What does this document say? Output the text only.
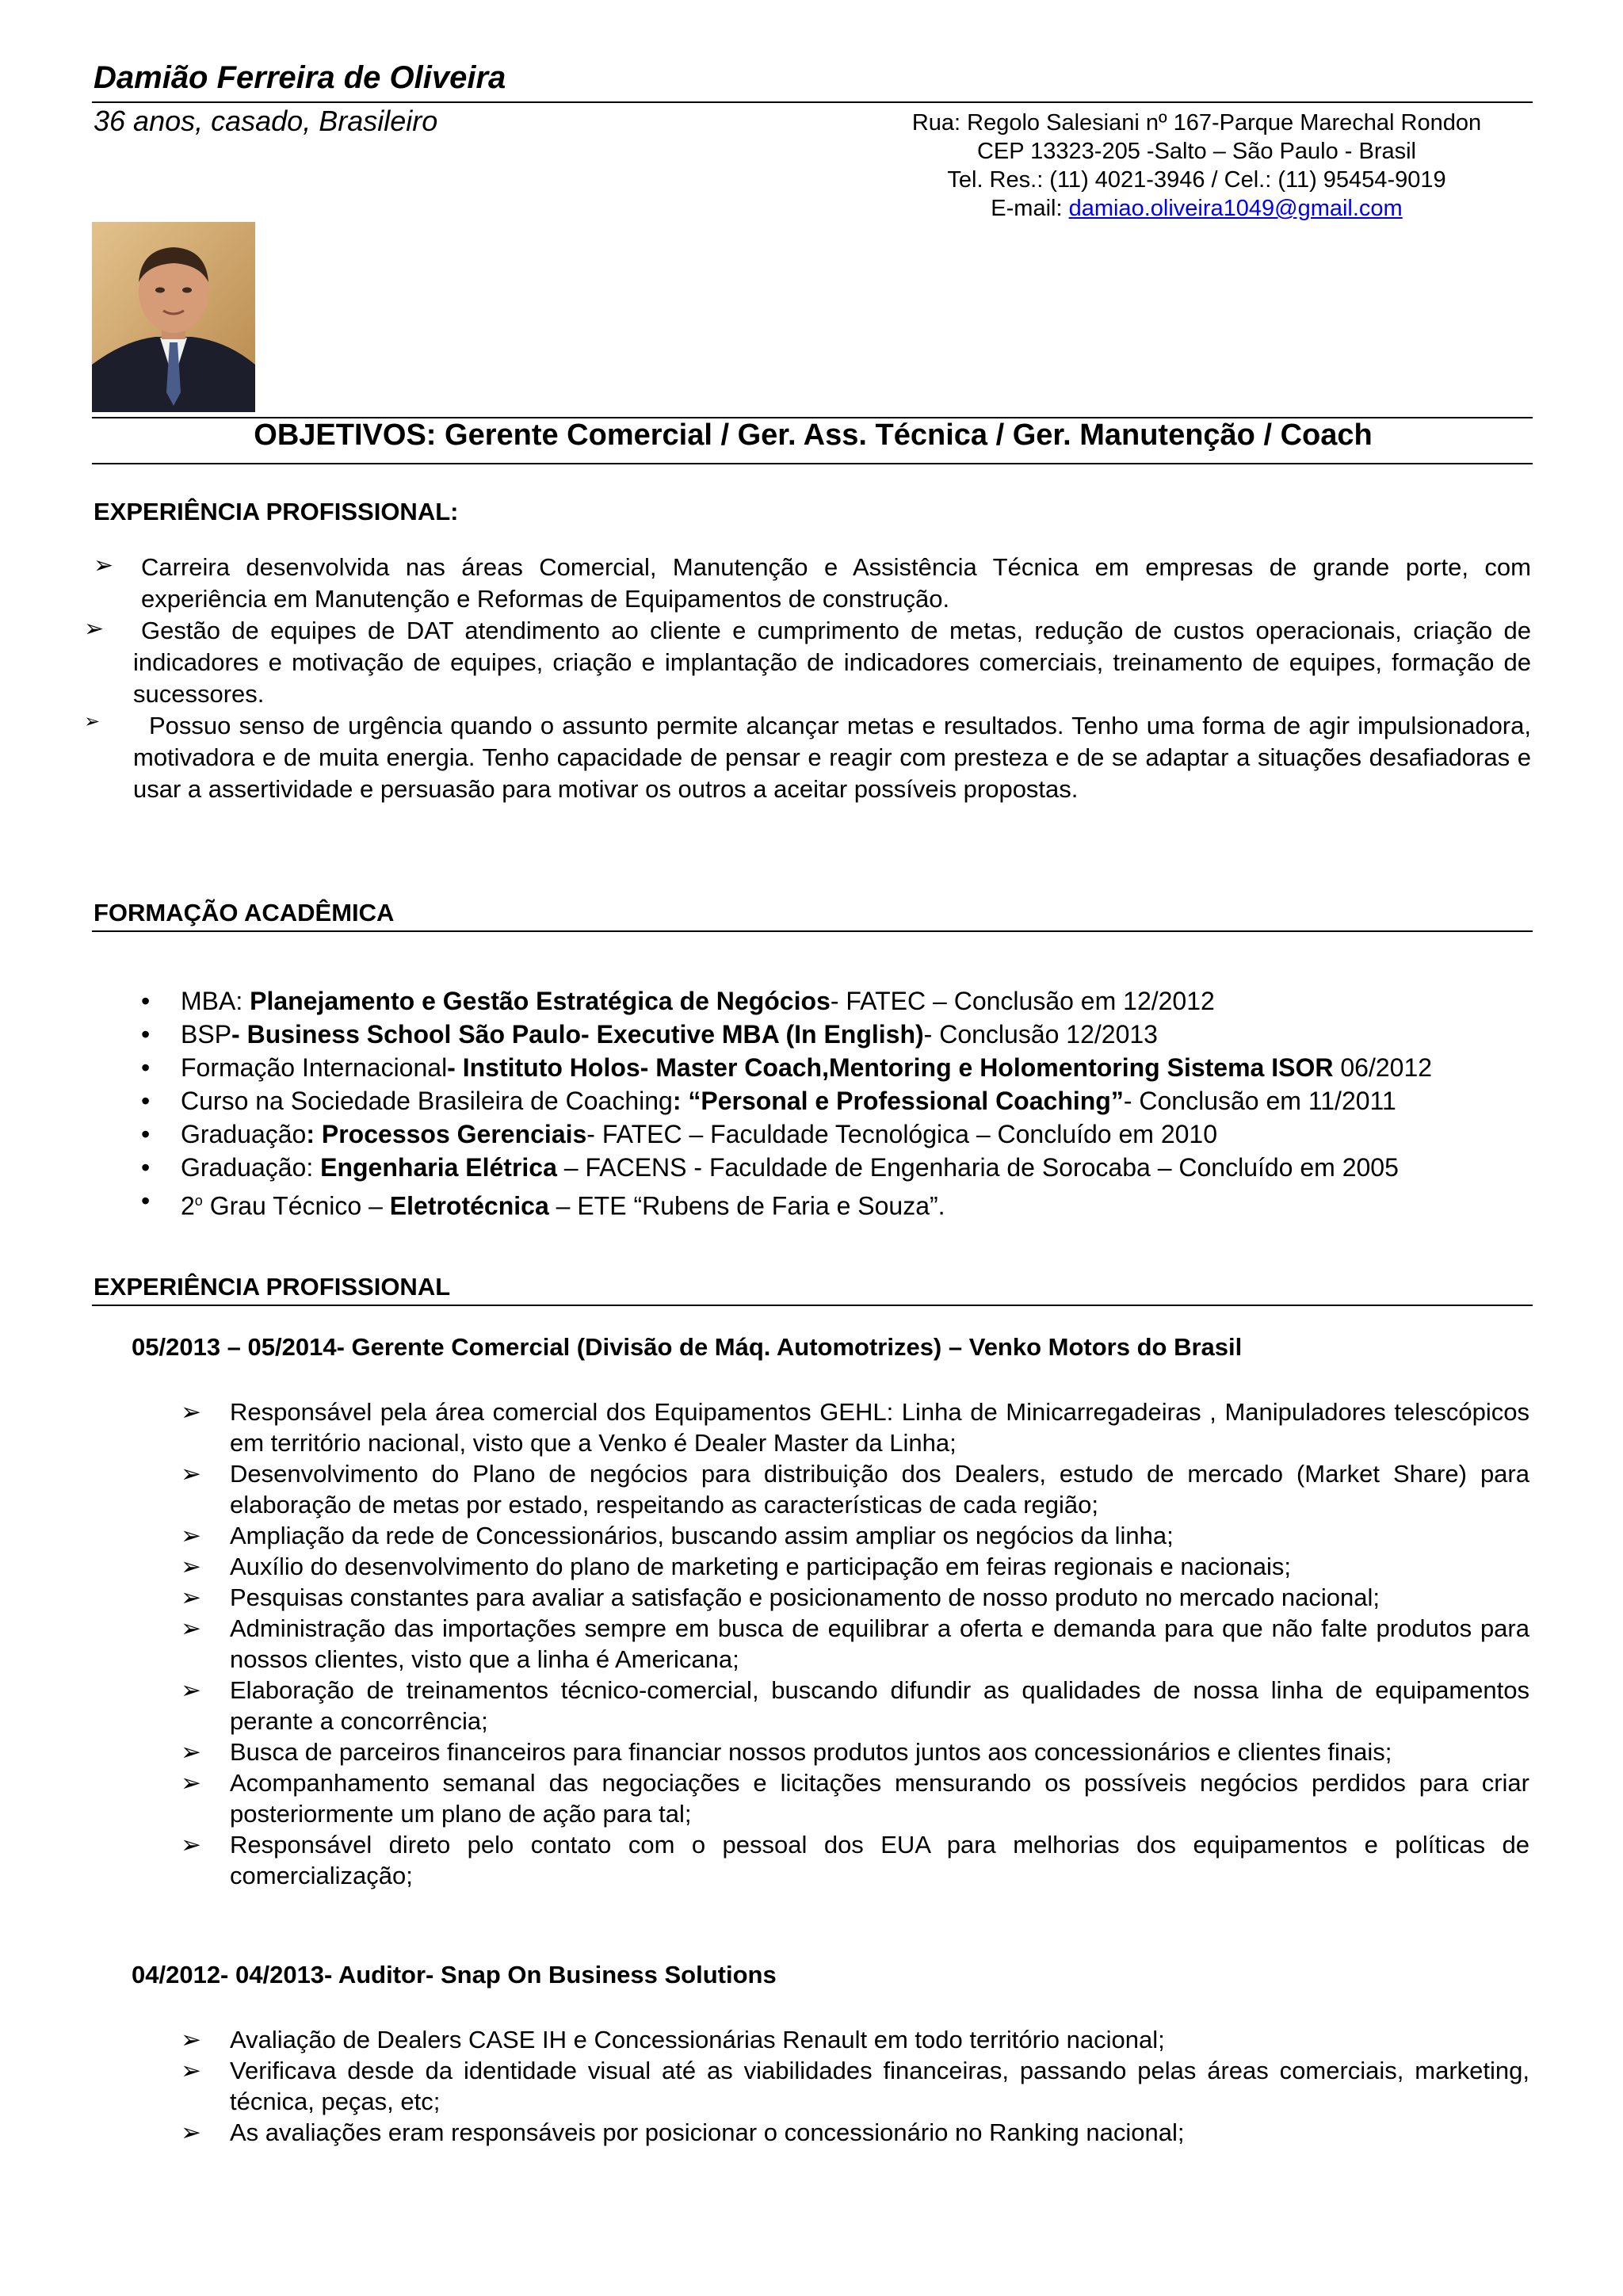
Damião Ferreira de Oliveira
36 anos, casado, Brasileiro	Rua: Regolo Salesiani nº 167-Parque Marechal Rondon
CEP 13323-205 -Salto – São Paulo - Brasil
Tel. Res.: (11) 4021-3946 / Cel.: (11) 95454-9019
E-mail: damiao.oliveira1049@gmail.com
OBJETIVOS: Gerente Comercial / Ger. Ass. Técnica / Ger. Manutenção / Coach
EXPERIÊNCIA PROFISSIONAL:
➢ Carreira desenvolvida nas áreas Comercial, Manutenção e Assistência Técnica em empresas de grande porte, com experiência em Manutenção e Reformas de Equipamentos de construção.
➢	Gestão de equipes de DAT atendimento ao cliente e cumprimento de metas, redução de custos operacionais, criação de indicadores e motivação de equipes, criação e implantação de indicadores comerciais, treinamento de equipes, formação de sucessores.
➢	Possuo senso de urgência quando o assunto permite alcançar metas e resultados. Tenho uma forma de agir impulsionadora, motivadora e de muita energia. Tenho capacidade de pensar e reagir com presteza e de se adaptar a situações desafiadoras e usar a assertividade e persuasão para motivar os outros a aceitar possíveis propostas.
FORMAÇÃO ACADÊMICA
• MBA: Planejamento e Gestão Estratégica de Negócios- FATEC – Conclusão em 12/2012
• BSP- Business School São Paulo- Executive MBA (In English)- Conclusão 12/2013
• Formação Internacional- Instituto Holos- Master Coach,Mentoring e Holomentoring Sistema ISOR 06/2012
• Curso na Sociedade Brasileira de Coaching: “Personal e Professional Coaching”- Conclusão em 11/2011
• Graduação: Processos Gerenciais- FATEC – Faculdade Tecnológica – Concluído em 2010
• Graduação: Engenharia Elétrica – FACENS - Faculdade de Engenharia de Sorocaba – Concluído em 2005
• 2$^o$ Grau Técnico – Eletrotécnica – ETE “Rubens de Faria e Souza”.
EXPERIÊNCIA PROFISSIONAL
05/2013 – 05/2014- Gerente Comercial (Divisão de Máq. Automotrizes) – Venko Motors do Brasil
➢ Responsável pela área comercial dos Equipamentos GEHL: Linha de Minicarregadeiras , Manipuladores telescópicos em território nacional, visto que a Venko é Dealer Master da Linha;
➢ Desenvolvimento do Plano de negócios para distribuição dos Dealers, estudo de mercado (Market Share) para elaboração de metas por estado, respeitando as características de cada região;
➢ Ampliação da rede de Concessionários, buscando assim ampliar os negócios da linha;
➢ Auxílio do desenvolvimento do plano de marketing e participação em feiras regionais e nacionais;
➢ Pesquisas constantes para avaliar a satisfação e posicionamento de nosso produto no mercado nacional;
➢ Administração das importações sempre em busca de equilibrar a oferta e demanda para que não falte produtos para nossos clientes, visto que a linha é Americana;
➢ Elaboração de treinamentos técnico-comercial, buscando difundir as qualidades de nossa linha de equipamentos perante a concorrência;
➢ Busca de parceiros financeiros para financiar nossos produtos juntos aos concessionários e clientes finais;
➢ Acompanhamento semanal das negociações e licitações mensurando os possíveis negócios perdidos para criar posteriormente um plano de ação para tal;
➢ Responsável direto pelo contato com o pessoal dos EUA para melhorias dos equipamentos e políticas de comercialização;
04/2012- 04/2013- Auditor- Snap On Business Solutions
➢ Avaliação de Dealers CASE IH e Concessionárias Renault em todo território nacional;
➢ Verificava desde da identidade visual até as viabilidades financeiras, passando pelas áreas comerciais, marketing, técnica, peças, etc;
➢ As avaliações eram responsáveis por posicionar o concessionário no Ranking nacional;
